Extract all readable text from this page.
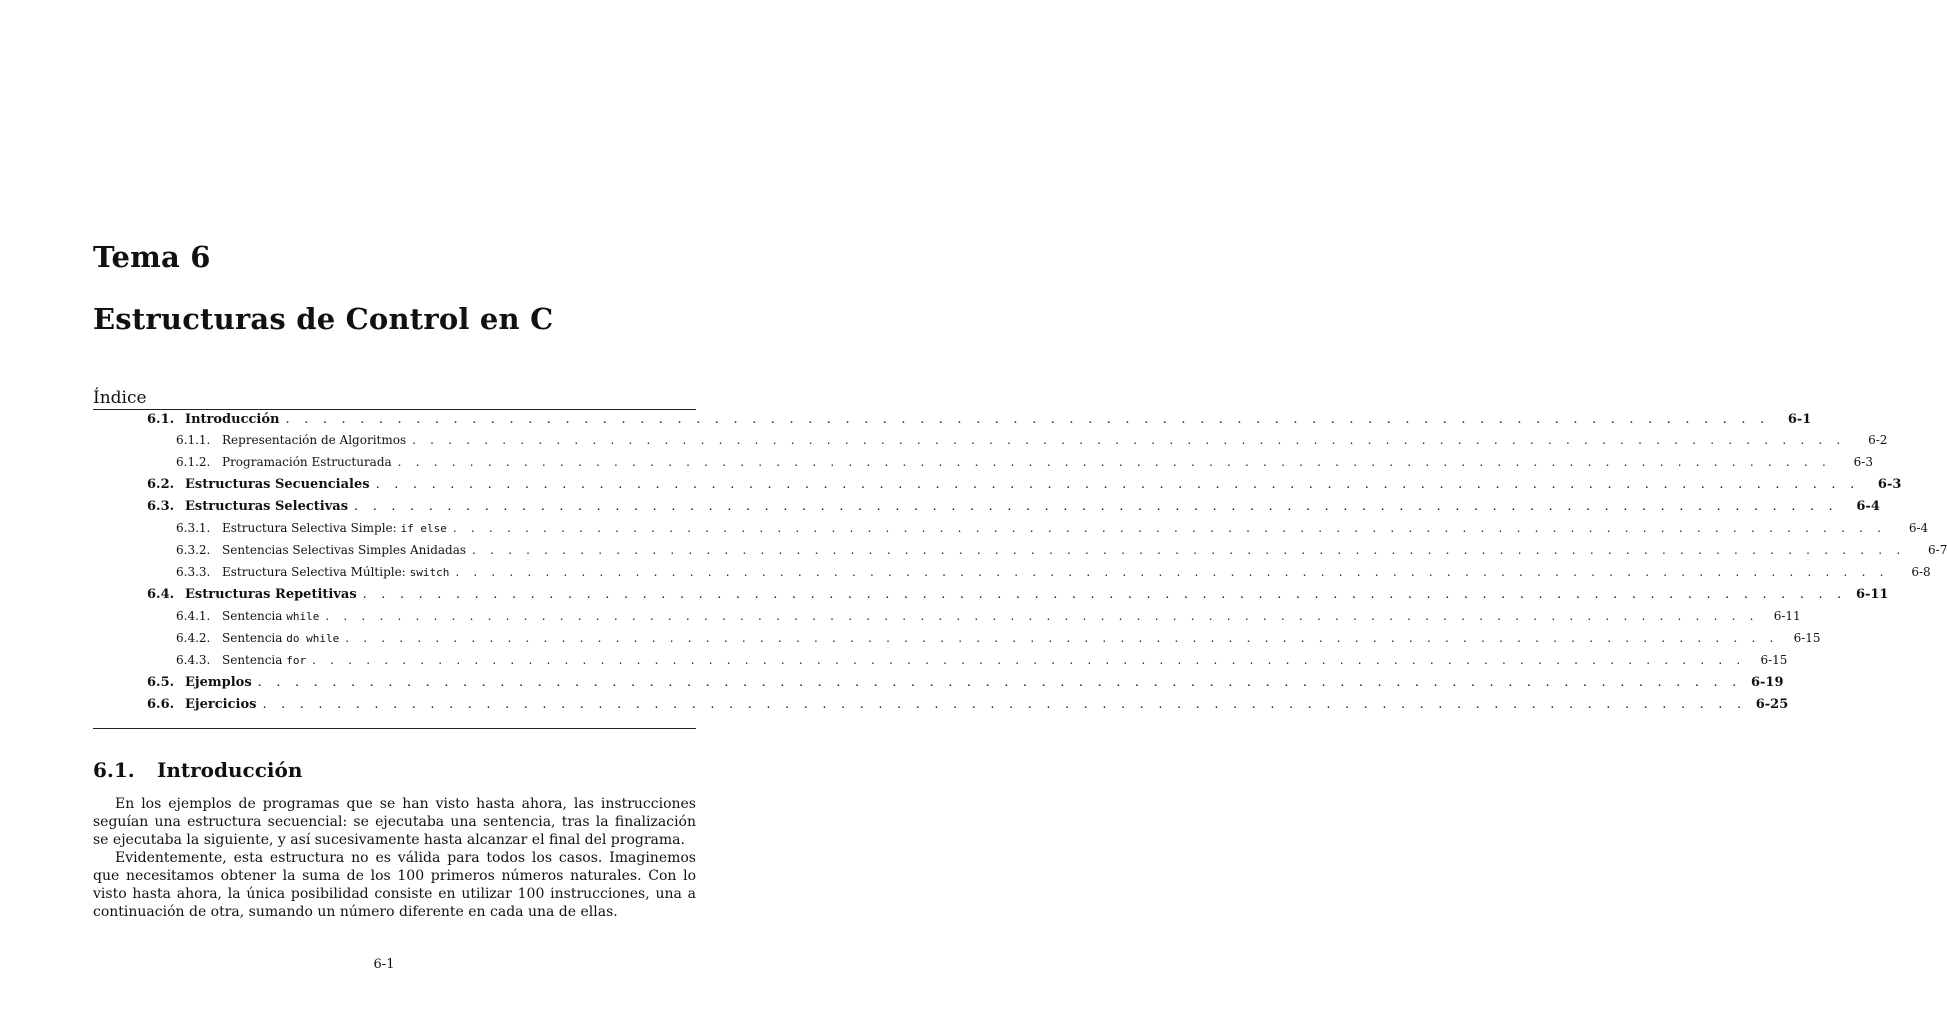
Tema 6
Estructuras de Control en C
Índice
6.1. Introducción . . . . . . . . . . . . . . . . . . . . . . . . . . . . . . . . . . . . . . . . . . . . . . . . . . . . . . . . . . . . . . . . . . . . . . . . . . . . . . . .	6-1
6.1.1. Representación de Algoritmos . . . . . . . . . . . . . . . . . . . . . . . . . . . . . . . . . . . . . . . . . . . . . . . . . . . . . . . . . . . . . . . . . . . . . . . . . . . . . . . .	6-2
6.1.2. Programación Estructurada . . . . . . . . . . . . . . . . . . . . . . . . . . . . . . . . . . . . . . . . . . . . . . . . . . . . . . . . . . . . . . . . . . . . . . . . . . . . . . . .	6-3
6.2. Estructuras Secuenciales . . . . . . . . . . . . . . . . . . . . . . . . . . . . . . . . . . . . . . . . . . . . . . . . . . . . . . . . . . . . . . . . . . . . . . . . . . . . . . . .	6-3
6.3. Estructuras Selectivas . . . . . . . . . . . . . . . . . . . . . . . . . . . . . . . . . . . . . . . . . . . . . . . . . . . . . . . . . . . . . . . . . . . . . . . . . . . . . . . .	6-4
6.3.1. Estructura Selectiva Simple: if else . . . . . . . . . . . . . . . . . . . . . . . . . . . . . . . . . . . . . . . . . . . . . . . . . . . . . . . . . . . . . . . . . . . . . . . . . . . . . . . .	6-4
6.3.2. Sentencias Selectivas Simples Anidadas . . . . . . . . . . . . . . . . . . . . . . . . . . . . . . . . . . . . . . . . . . . . . . . . . . . . . . . . . . . . . . . . . . . . . . . . . . . . . . . .	6-7
6.3.3. Estructura Selectiva Múltiple: switch . . . . . . . . . . . . . . . . . . . . . . . . . . . . . . . . . . . . . . . . . . . . . . . . . . . . . . . . . . . . . . . . . . . . . . . . . . . . . . . .	6-8
6.4. Estructuras Repetitivas . . . . . . . . . . . . . . . . . . . . . . . . . . . . . . . . . . . . . . . . . . . . . . . . . . . . . . . . . . . . . . . . . . . . . . . . . . . . . . . . 6-11
6.4.1. Sentencia while . . . . . . . . . . . . . . . . . . . . . . . . . . . . . . . . . . . . . . . . . . . . . . . . . . . . . . . . . . . . . . . . . . . . . . . . . . . . . . . .	6-11
6.4.2. Sentencia do while . . . . . . . . . . . . . . . . . . . . . . . . . . . . . . . . . . . . . . . . . . . . . . . . . . . . . . . . . . . . . . . . . . . . . . . . . . . . . . . .	6-15
6.4.3. Sentencia for . . . . . . . . . . . . . . . . . . . . . . . . . . . . . . . . . . . . . . . . . . . . . . . . . . . . . . . . . . . . . . . . . . . . . . . . . . . . . . . .	6-15
6.5. Ejemplos . . . . . . . . . . . . . . . . . . . . . . . . . . . . . . . . . . . . . . . . . . . . . . . . . . . . . . . . . . . . . . . . . . . . . . . . . . . . . . . . 6-19
6.6. Ejercicios . . . . . . . . . . . . . . . . . . . . . . . . . . . . . . . . . . . . . . . . . . . . . . . . . . . . . . . . . . . . . . . . . . . . . . . . . . . . . . . . 6-25
6.1. Introducción

En los ejemplos de programas que se han visto hasta ahora, las instrucciones seguían una estructura secuencial: se ejecutaba una sentencia, tras la finalización se ejecutaba la siguiente, y así sucesivamente hasta alcanzar el final del programa.

Evidentemente, esta estructura no es válida para todos los casos. Imaginemos que necesitamos obtener la suma de los 100 primeros números naturales. Con lo visto hasta ahora, la única posibilidad consiste en utilizar 100 instrucciones, una a continuación de otra, sumando un número diferente en cada una de ellas.

6-1
